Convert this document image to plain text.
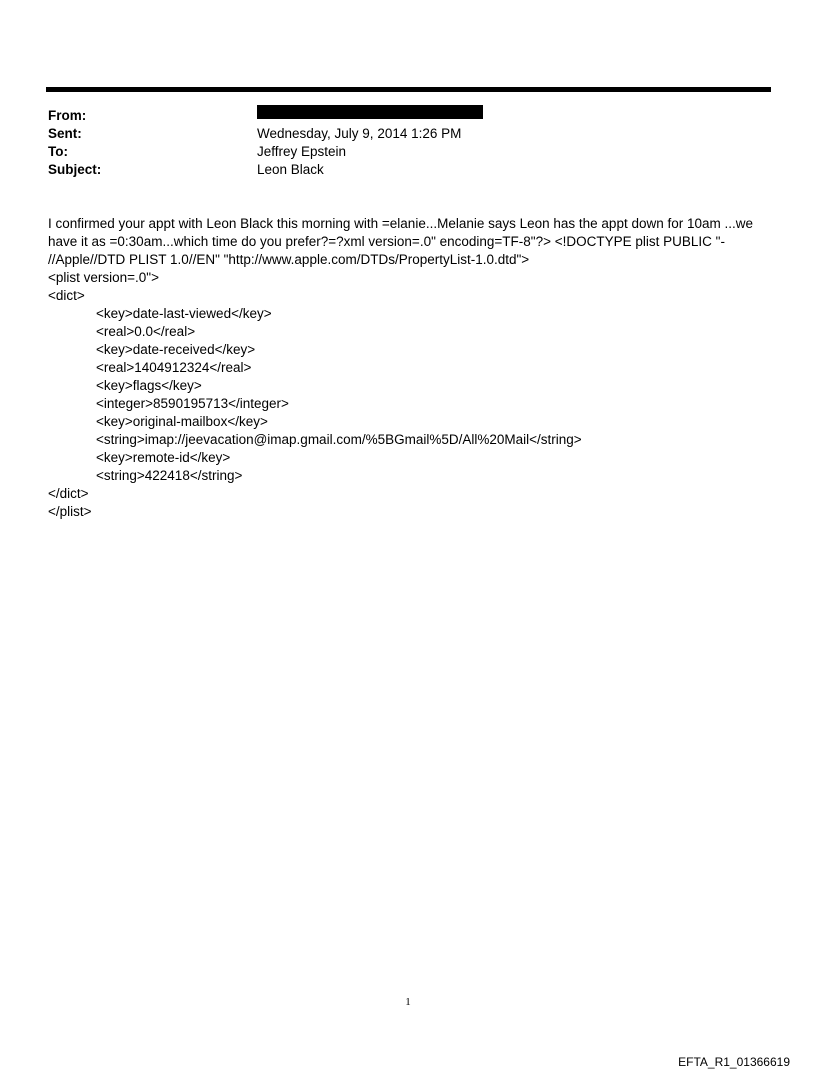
From:
Sent:	Wednesday, July 9, 2014 1:26 PM
To:	Jeffrey Epstein
Subject:	Leon Black
I confirmed your appt with Leon Black this morning with =elanie...Melanie says Leon has the appt down for 10am ...we
have it as =0:30am...which time do you prefer?=?xml version=.0" encoding=TF-8"?> <!DOCTYPE plist PUBLIC "-
//Apple//DTD PLIST 1.0//EN" "http://www.apple.com/DTDs/PropertyList-1.0.dtd">
<plist version=.0">
<dict>
<key>date-last-viewed</key>
<real>0.0</real>
<key>date-received</key>
<real>1404912324</real>
<key>flags</key>
<integer>8590195713</integer>
<key>original-mailbox</key>
<string>imap://jeevacation@imap.gmail.com/%5BGmail%5D/All%20Mail</string>
<key>remote-id</key>
<string>422418</string>
</dict>
</plist>
1
EFTA_R1_01366619
